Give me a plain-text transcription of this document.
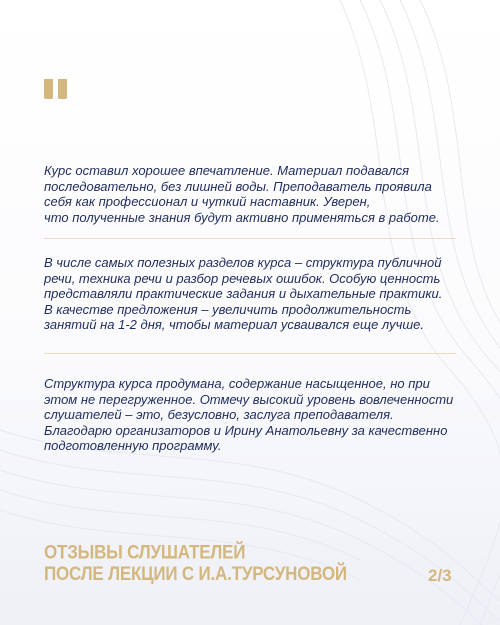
Курс оставил хорошее впечатление. Материал подавался
последовательно, без лишней воды. Преподаватель проявила
себя как профессионал и чуткий наставник. Уверен,
что полученные знания будут активно применяться в работе.

В числе самых полезных разделов курса – структура публичной
речи, техника речи и разбор речевых ошибок. Особую ценность
представляли практические задания и дыхательные практики.
В качестве предложения – увеличить продолжительность
занятий на 1-2 дня, чтобы материал усваивался еще лучше.

Структура курса продумана, содержание насыщенное, но при
этом не перегруженное. Отмечу высокий уровень вовлеченности
слушателей – это, безусловно, заслуга преподавателя.
Благодарю организаторов и Ирину Анатольевну за качественно
подготовленную программу.

ОТЗЫВЫ СЛУШАТЕЛЕЙ
ПОСЛЕ ЛЕКЦИИ С И.А.ТУРСУНОВОЙ	2/3
